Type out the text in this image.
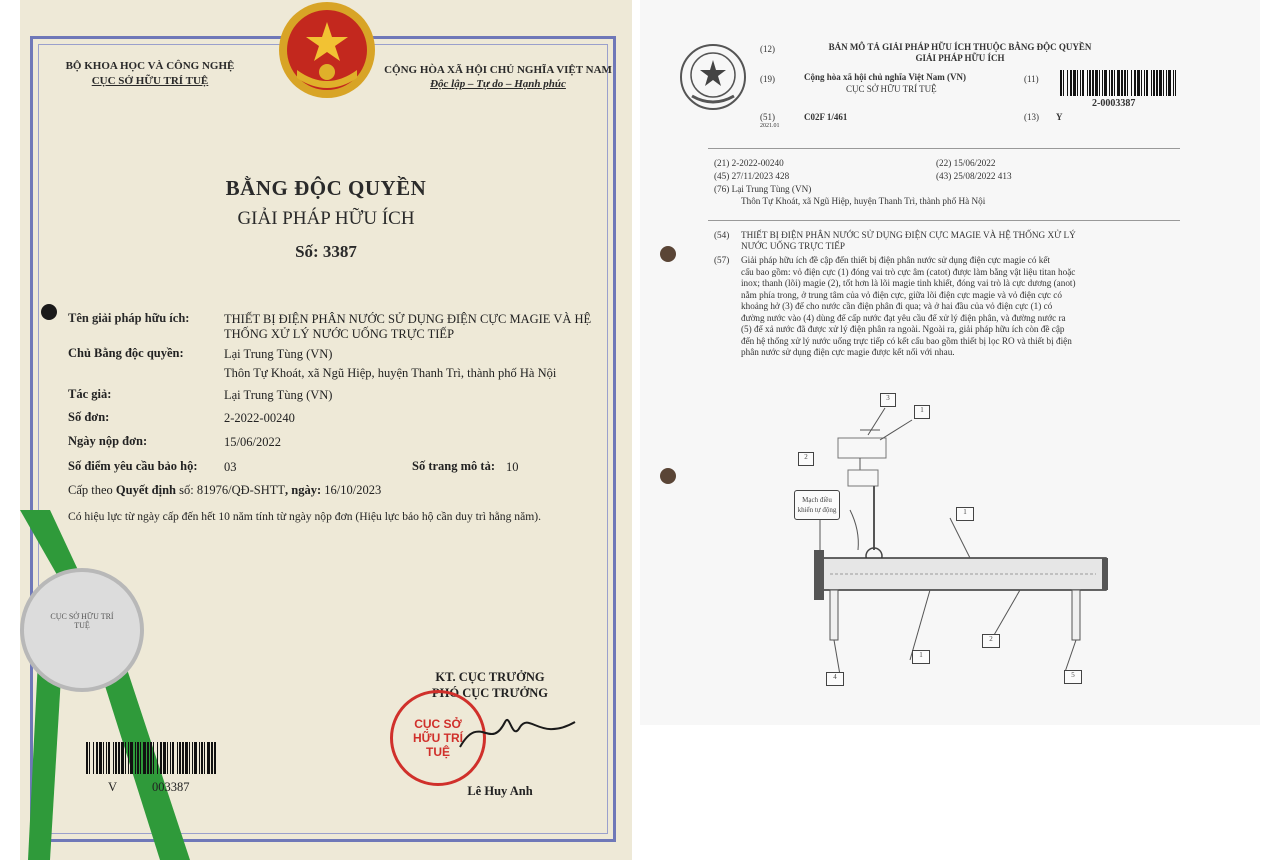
BỘ KHOA HỌC VÀ CÔNG NGHỆ
CỤC SỞ HỮU TRÍ TUỆ
CỘNG HÒA XÃ HỘI CHỦ NGHĨA VIỆT NAM
Độc lập – Tự do – Hạnh phúc
BẰNG ĐỘC QUYỀN
GIẢI PHÁP HỮU ÍCH
Số: 3387
Tên giải pháp hữu ích:	THIẾT BỊ ĐIỆN PHÂN NƯỚC SỬ DỤNG ĐIỆN CỰC MAGIE VÀ HỆ
THỐNG XỬ LÝ NƯỚC UỐNG TRỰC TIẾP
Chủ Bằng độc quyền:	Lại Trung Tùng (VN)
Thôn Tự Khoát, xã Ngũ Hiệp, huyện Thanh Trì, thành phố Hà Nội
Tác giả:	Lại Trung Tùng (VN)
Số đơn:	2-2022-00240
Ngày nộp đơn:	15/06/2022
Số điểm yêu cầu bảo hộ: 03	Số trang mô tả: 10
Cấp theo Quyết định số: 81976/QĐ-SHTT, ngày: 16/10/2023
Có hiệu lực từ ngày cấp đến hết 10 năm tính từ ngày nộp đơn (Hiệu lực bảo hộ cần duy trì hằng năm).
CỤC SỞ HỮU TRÍ TUỆ
KT. CỤC TRƯỞNG
PHÓ CỤC TRƯỞNG
CỤC SỞ HỮU TRÍ TUỆ
Lê Huy Anh
V	003387
(12)	BẢN MÔ TẢ GIẢI PHÁP HỮU ÍCH THUỘC BẰNG ĐỘC QUYỀN
GIẢI PHÁP HỮU ÍCH
(19)	Cộng hòa xã hội chủ nghĩa Việt Nam (VN)
CỤC SỞ HỮU TRÍ TUỆ
(11)
2-0003387
(51)
2021.01
C02F 1/461	(13) Y
(21) 2-2022-00240	(22) 15/06/2022
(45) 27/11/2023 428	(43) 25/08/2022 413
(76) Lại Trung Tùng (VN)
Thôn Tự Khoát, xã Ngũ Hiệp, huyện Thanh Trì, thành phố Hà Nội
(54) THIẾT BỊ ĐIỆN PHÂN NƯỚC SỬ DỤNG ĐIỆN CỰC MAGIE VÀ HỆ THỐNG XỬ LÝ
NƯỚC UỐNG TRỰC TIẾP
(57) Giải pháp hữu ích đề cập đến thiết bị điện phân nước sử dụng điện cực magie có kết
cấu bao gồm: vỏ điện cực (1) đóng vai trò cực âm (catot) được làm bằng vật liệu titan hoặc
inox; thanh (lõi) magie (2), tốt hơn là lõi magie tinh khiết, đóng vai trò là cực dương (anot)
nằm phía trong, ở trung tâm của vỏ điện cực, giữa lõi điện cực magie và vỏ điện cực có
khoảng hở (3) để cho nước cần điện phân đi qua; và ở hai đầu của vỏ điện cực (1) có
đường nước vào (4) dùng để cấp nước đạt yêu cầu để xử lý điện phân, và đường nước ra
(5) để xả nước đã được xử lý điện phân ra ngoài. Ngoài ra, giải pháp hữu ích còn đề cập
đến hệ thống xử lý nước uống trực tiếp có kết cấu bao gồm thiết bị lọc RO và thiết bị điện
phân nước sử dụng điện cực magie được kết nối với nhau.
3
1
2
Mạch điều
khiển tự động	1
2
1
4	5
